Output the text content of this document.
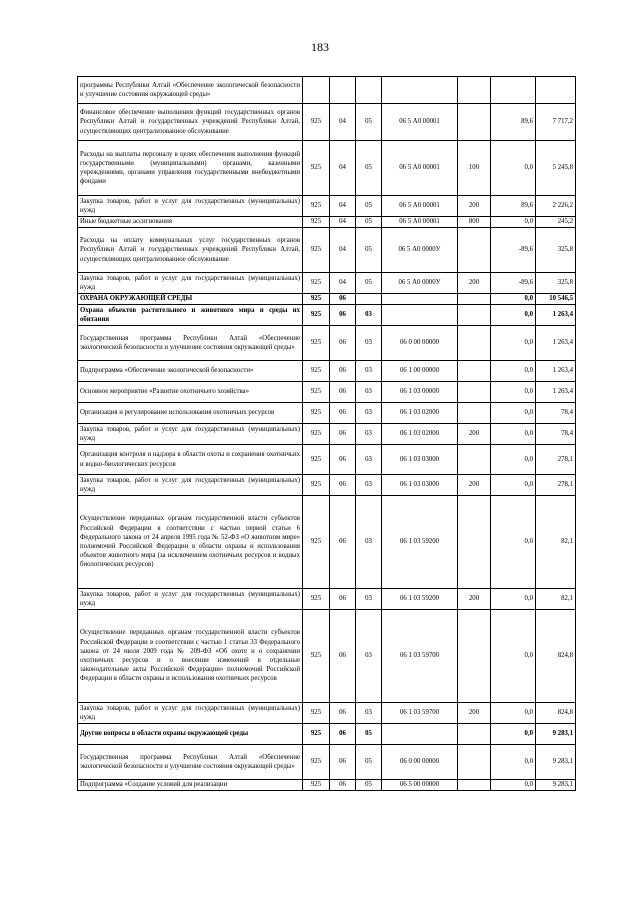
183
программы Республики Алтай «Обеспечение экологической безопасности и улучшение состояния окружающей среды»							
Финансовое обеспечение выполнения функций государственных органов Республики Алтай и государственных учреждений Республики Алтай, осуществляющих централизованное обслуживание	925	04	05	06 5 А0 00001		89,6	7 717,2
Расходы на выплаты персоналу в целях обеспечения выполнения функций государственными (муниципальными) органами, казенными учреждениями, органами управления государственными внебюджетными фондами	925	04	05	06 5 А0 00001	100	0,0	5 245,8
Закупка товаров, работ и услуг для государственных (муниципальных) нужд	925	04	05	06 5 А0 00001	200	89,6	2 226,2
Иные бюджетные ассигнования	925	04	05	06 5 А0 00001	800	0,0	245,2
Расходы на оплату коммунальных услуг государственных органов Республики Алтай и государственных учреждений Республики Алтай, осуществляющих централизованное обслуживание	925	04	05	06 5 А0 0000У		-89,6	325,8
Закупка товаров, работ и услуг для государственных (муниципальных) нужд	925	04	05	06 5 А0 0000У	200	-89,6	325,8
ОХРАНА ОКРУЖАЮЩЕЙ СРЕДЫ	925	06				0,0	10 546,5
Охрана объектов растительного и животного мира и среды их обитания	925	06	03			0,0	1 263,4
Государственная программа Республики Алтай «Обеспечение экологической безопасности и улучшение состояния окружающей среды»	925	06	03	06 0 00 00000		0,0	1 263,4
Подпрограмма «Обеспечение экологической безопасности»	925	06	03	06 1 00 00000		0,0	1 263,4
Основное мероприятие «Развитие охотничьего хозяйства»	925	06	03	06 1 03 00000		0,0	1 263,4
Организация и регулирование использования охотничьих ресурсов	925	06	03	06 1 03 02000		0,0	78,4
Закупка товаров, работ и услуг для государственных (муниципальных) нужд	925	06	03	06 1 03 02000	200	0,0	78,4
Организация контроля и надзора в области охоты и сохранения охотничьих и водно-биологических ресурсов	925	06	03	06 1 03 03000		0,0	278,1
Закупка товаров, работ и услуг для государственных (муниципальных) нужд	925	06	03	06 1 03 03000	200	0,0	278,1
Осуществление переданных органам государственной власти субъектов Российской Федерации в соответствии с частью первой статьи 6 Федерального закона от 24 апреля 1995 года № 52-ФЗ «О животном мире» полномочий Российской Федерации в области охраны и использования объектов животного мира (за исключением охотничьих ресурсов и водных биологических ресурсов)	925	06	03	06 1 03 59200		0,0	82,1
Закупка товаров, работ и услуг для государственных (муниципальных) нужд	925	06	03	06 1 03 59200	200	0,0	82,1
Осуществление переданных органам государственной власти субъектов Российской Федерации в соответствии с частью 1 статьи 33 Федерального закона от 24 июля 2009 года № 209-ФЗ «Об охоте и о сохранении охотничьих ресурсов и о внесении изменений в отдельные законодательные акты Российской Федерации» полномочий Российской Федерации в области охраны и использования охотничьих ресурсов	925	06	03	06 1 03 59700		0,0	824,8
Закупка товаров, работ и услуг для государственных (муниципальных) нужд	925	06	03	06 1 03 59700	200	0,0	824,8
Другие вопросы в области охраны окружающей среды	925	06	05			0,0	9 283,1
Государственная программа Республики Алтай «Обеспечение экологической безопасности и улучшение состояния окружающей среды»	925	06	05	06 0 00 00000		0,0	9 283,1
Подпрограмма «Создание условий для реализации	925	06	05	06 5 00 00000		0,0	9 283,1
